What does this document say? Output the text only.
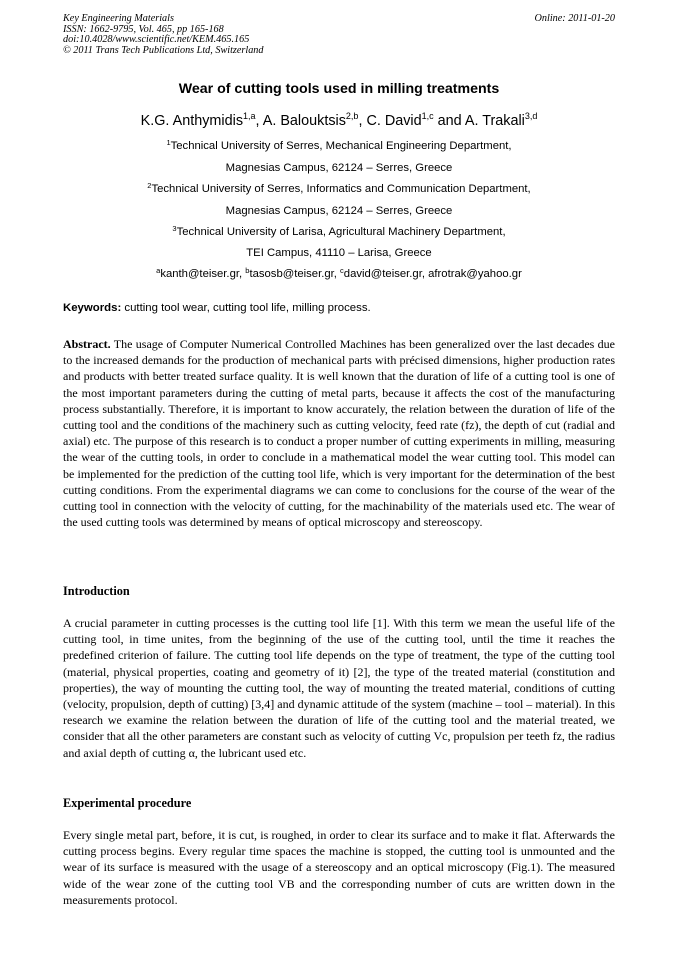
Key Engineering Materials
ISSN: 1662-9795, Vol. 465, pp 165-168
doi:10.4028/www.scientific.net/KEM.465.165
© 2011 Trans Tech Publications Ltd, Switzerland
Online: 2011-01-20
Wear of cutting tools used in milling treatments
K.G. Anthymidis$^{1,a}$, A. Balouktsis$^{2,b}$, C. David$^{1,c}$ and A. Trakali$^{3,d}$
$^1$Technical University of Serres, Mechanical Engineering Department,
Magnesias Campus, 62124 – Serres, Greece
$^2$Technical University of Serres, Informatics and Communication Department,
Magnesias Campus, 62124 – Serres, Greece
$^3$Technical University of Larisa, Agricultural Machinery Department,
TEI Campus, 41110 – Larisa, Greece
$^a$kanth@teiser.gr, $^b$tasosb@teiser.gr, $^c$david@teiser.gr, afrotrak@yahoo.gr
Keywords: cutting tool wear, cutting tool life, milling process.
Abstract. The usage of Computer Numerical Controlled Machines has been generalized over the last decades due to the increased demands for the production of mechanical parts with précised dimensions, higher production rates and products with better treated surface quality. It is well known that the duration of life of a cutting tool is one of the most important parameters during the cutting of metal parts, because it affects the cost of the manufacturing process substantially. Therefore, it is important to know accurately, the relation between the duration of life of the cutting tool and the conditions of the machinery such as cutting velocity, feed rate (fz), the depth of cut (radial and axial) etc. The purpose of this research is to conduct a proper number of cutting experiments in milling, measuring the wear of the cutting tools, in order to conclude in a mathematical model the wear cutting tool. This model can be implemented for the prediction of the cutting tool life, which is very important for the determination of the best cutting conditions. From the experimental diagrams we can come to conclusions for the course of the wear of the cutting tool in connection with the velocity of cutting, for the machinability of the materials used etc. The wear of the used cutting tools was determined by means of optical microscopy and stereoscopy.
Introduction
A crucial parameter in cutting processes is the cutting tool life [1]. With this term we mean the useful life of the cutting tool, in time unites, from the beginning of the use of the cutting tool, until the time it reaches the predefined criterion of failure. The cutting tool life depends on the type of treatment, the type of the cutting tool (material, physical properties, coating and geometry of it) [2], the type of the treated material (constitution and properties), the way of mounting the cutting tool, the way of mounting the treated material, conditions of cutting (velocity, propulsion, depth of cutting) [3,4] and dynamic attitude of the system (machine – tool – material). In this research we examine the relation between the duration of life of the cutting tool and the material treated, we consider that all the other parameters are constant such as velocity of cutting Vc, propulsion per teeth fz, the radius and axial depth of cutting α, the lubricant used etc.
Experimental procedure
Every single metal part, before, it is cut, is roughed, in order to clear its surface and to make it flat. Afterwards the cutting process begins. Every regular time spaces the machine is stopped, the cutting tool is unmounted and the wear of its surface is measured with the usage of a stereoscopy and an optical microscopy (Fig.1). The measured wide of the wear zone of the cutting tool VB and the corresponding number of cuts are written down in the measurements protocol.
